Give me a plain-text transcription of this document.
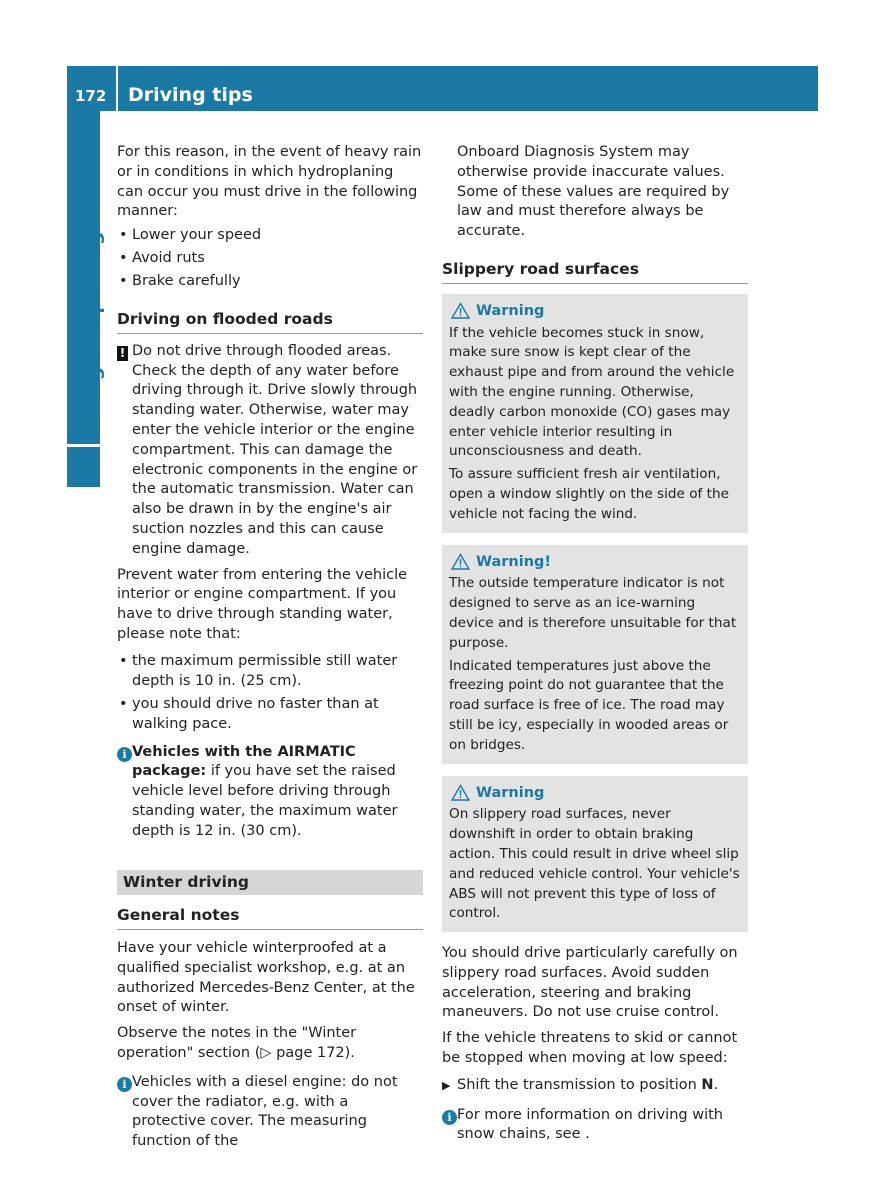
172 Driving tips
Driving and parking

For this reason, in the event of heavy rain or in conditions in which hydroplaning can occur you must drive in the following manner:

• Lower your speed
• Avoid ruts
• Brake carefully
Driving on flooded roads
! Do not drive through flooded areas. Check the depth of any water before driving through it. Drive slowly through standing water. Otherwise, water may enter the vehicle interior or the engine compartment. This can damage the electronic components in the engine or the automatic transmission. Water can also be drawn in by the engine's air suction nozzles and this can cause engine damage.

Prevent water from entering the vehicle interior or engine compartment. If you have to drive through standing water, please note that:

• the maximum permissible still water depth is 10 in. (25 cm).
• you should drive no faster than at walking pace.
i Vehicles with the AIRMATIC package: if you have set the raised vehicle level before driving through standing water, the maximum water depth is 12 in. (30 cm).
Winter driving
General notes

Have your vehicle winterproofed at a qualified specialist workshop, e.g. at an authorized Mercedes-Benz Center, at the onset of winter.

Observe the notes in the "Winter operation" section (▷ page 172).

i Vehicles with a diesel engine: do not cover the radiator, e.g. with a protective cover. The measuring function of the

Onboard Diagnosis System may otherwise provide inaccurate values. Some of these values are required by law and must therefore always be accurate.

Slippery road surfaces
Warning

If the vehicle becomes stuck in snow, make sure snow is kept clear of the exhaust pipe and from around the vehicle with the engine running. Otherwise, deadly carbon monoxide (CO) gases may enter vehicle interior resulting in unconsciousness and death.

To assure sufficient fresh air ventilation, open a window slightly on the side of the vehicle not facing the wind.

Warning!

The outside temperature indicator is not designed to serve as an ice-warning device and is therefore unsuitable for that purpose.

Indicated temperatures just above the freezing point do not guarantee that the road surface is free of ice. The road may still be icy, especially in wooded areas or on bridges.

Warning

On slippery road surfaces, never downshift in order to obtain braking action. This could result in drive wheel slip and reduced vehicle control. Your vehicle's ABS will not prevent this type of loss of control.

You should drive particularly carefully on slippery road surfaces. Avoid sudden acceleration, steering and braking maneuvers. Do not use cruise control.

If the vehicle threatens to skid or cannot be stopped when moving at low speed:

▶ Shift the transmission to position N.
i For more information on driving with snow chains, see .
